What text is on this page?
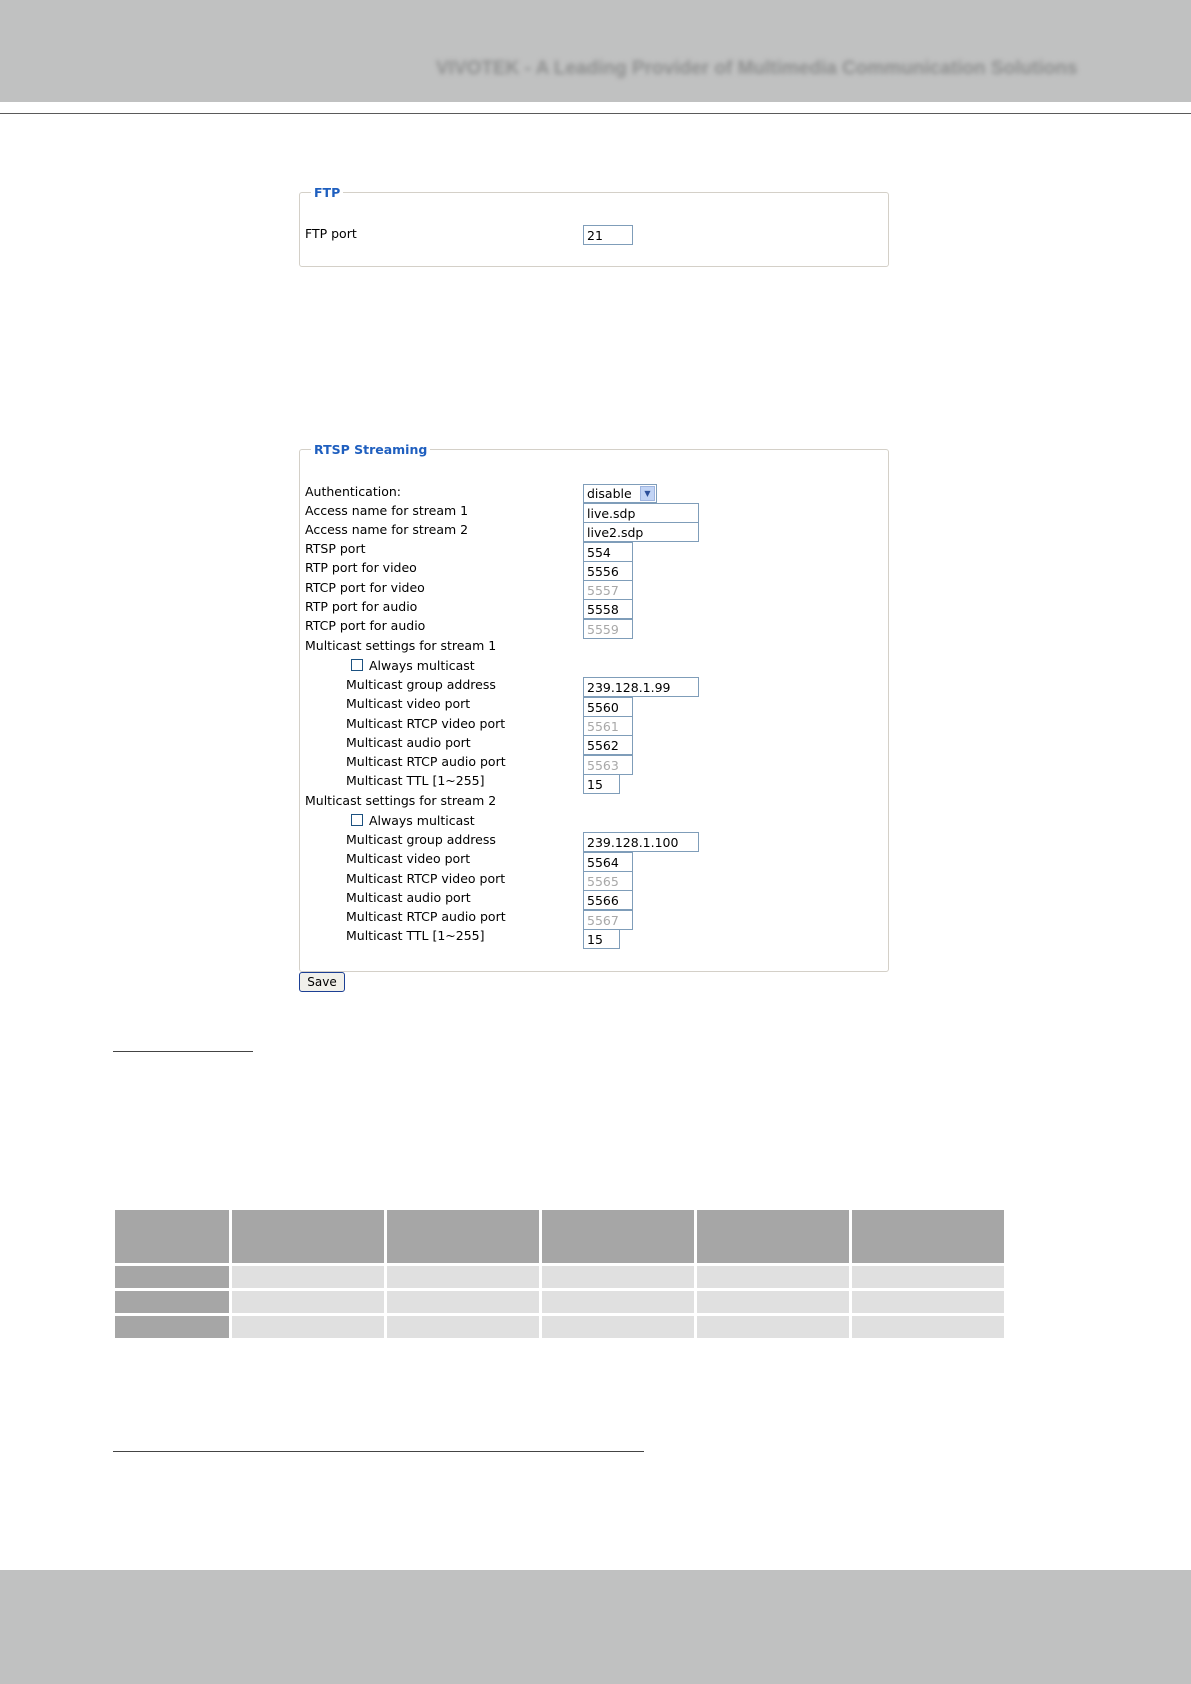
VIVOTEK - A Leading Provider of Multimedia Communication Solutions
FTP
FTP port
21
RTSP Streaming
Authentication:
Access name for stream 1
Access name for stream 2
RTSP port
RTP port for video
RTCP port for video
RTP port for audio
RTCP port for audio
Multicast settings for stream 1
Always multicast
Multicast group address
Multicast video port
Multicast RTCP video port
Multicast audio port
Multicast RTCP audio port
Multicast TTL [1~255]
Multicast settings for stream 2
Always multicast
Multicast group address
Multicast video port
Multicast RTCP video port
Multicast audio port
Multicast RTCP audio port
Multicast TTL [1~255]
disable	▼
live.sdp
live2.sdp
554
5556
5557
5558
5559
239.128.1.99
5560
5561
5562
5563
15
239.128.1.100
5564
5565
5566
5567
15
Save
